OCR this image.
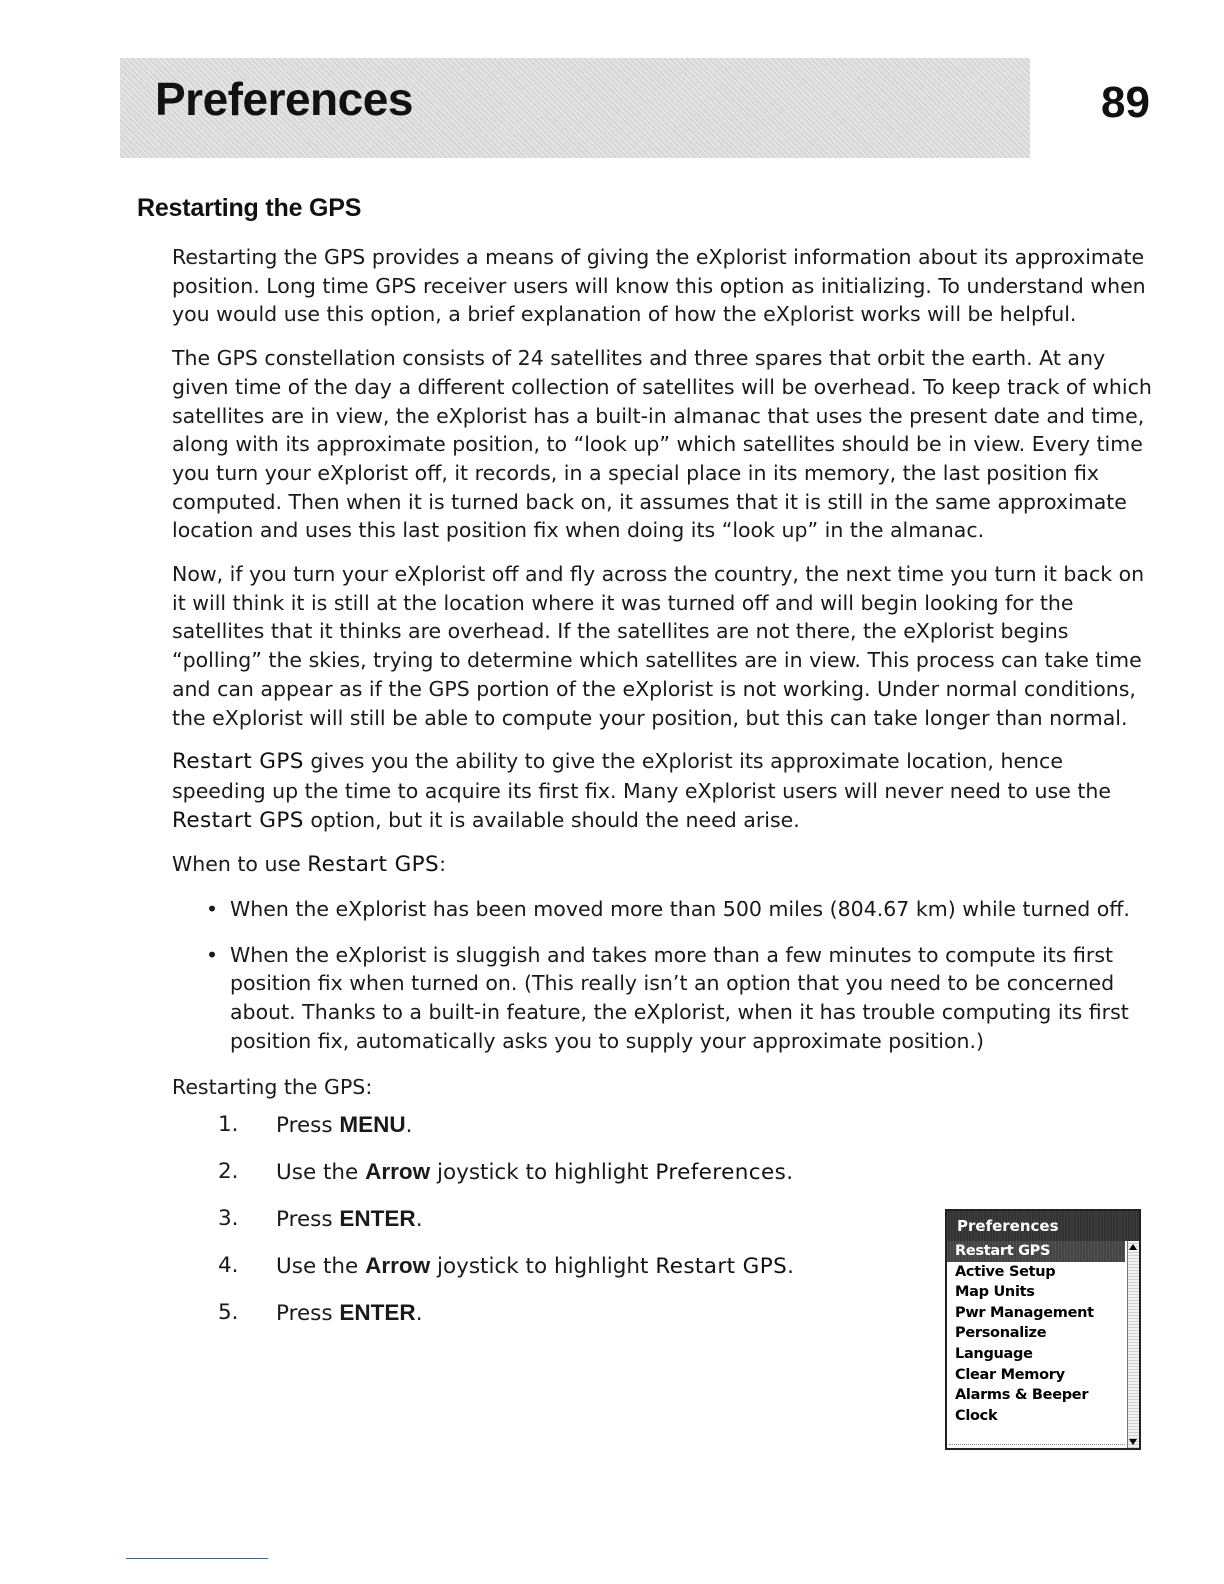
Preferences	89
Restarting the GPS

Restarting the GPS provides a means of giving the eXplorist information about its approximate position. Long time GPS receiver users will know this option as initializing. To understand when you would use this option, a brief explanation of how the eXplorist works will be helpful.

The GPS constellation consists of 24 satellites and three spares that orbit the earth. At any given time of the day a different collection of satellites will be overhead. To keep track of which satellites are in view, the eXplorist has a built-in almanac that uses the present date and time, along with its approximate position, to “look up” which satellites should be in view. Every time you turn your eXplorist off, it records, in a special place in its memory, the last position fix computed. Then when it is turned back on, it assumes that it is still in the same approximate location and uses this last position fix when doing its “look up” in the almanac.

Now, if you turn your eXplorist off and fly across the country, the next time you turn it back on it will think it is still at the location where it was turned off and will begin looking for the satellites that it thinks are overhead. If the satellites are not there, the eXplorist begins “polling” the skies, trying to determine which satellites are in view. This process can take time and can appear as if the GPS portion of the eXplorist is not working. Under normal conditions, the eXplorist will still be able to compute your position, but this can take longer than normal.

Restart GPS gives you the ability to give the eXplorist its approximate location, hence speeding up the time to acquire its first fix. Many eXplorist users will never need to use the Restart GPS option, but it is available should the need arise.

When to use Restart GPS:

• When the eXplorist has been moved more than 500 miles (804.67 km) while turned off.
• When the eXplorist is sluggish and takes more than a few minutes to compute its first position fix when turned on. (This really isn’t an option that you need to be concerned about. Thanks to a built-in feature, the eXplorist, when it has trouble computing its first position fix, automatically asks you to supply your approximate position.)

Restarting the GPS:

1. Press MENU.
2. Use the Arrow joystick to highlight Preferences.
3. Press ENTER.
4. Use the Arrow joystick to highlight Restart GPS.
5. Press ENTER.
Preferences
Restart GPS
Active Setup
Map Units
Pwr Management
Personalize
Language
Clear Memory
Alarms & Beeper
Clock
